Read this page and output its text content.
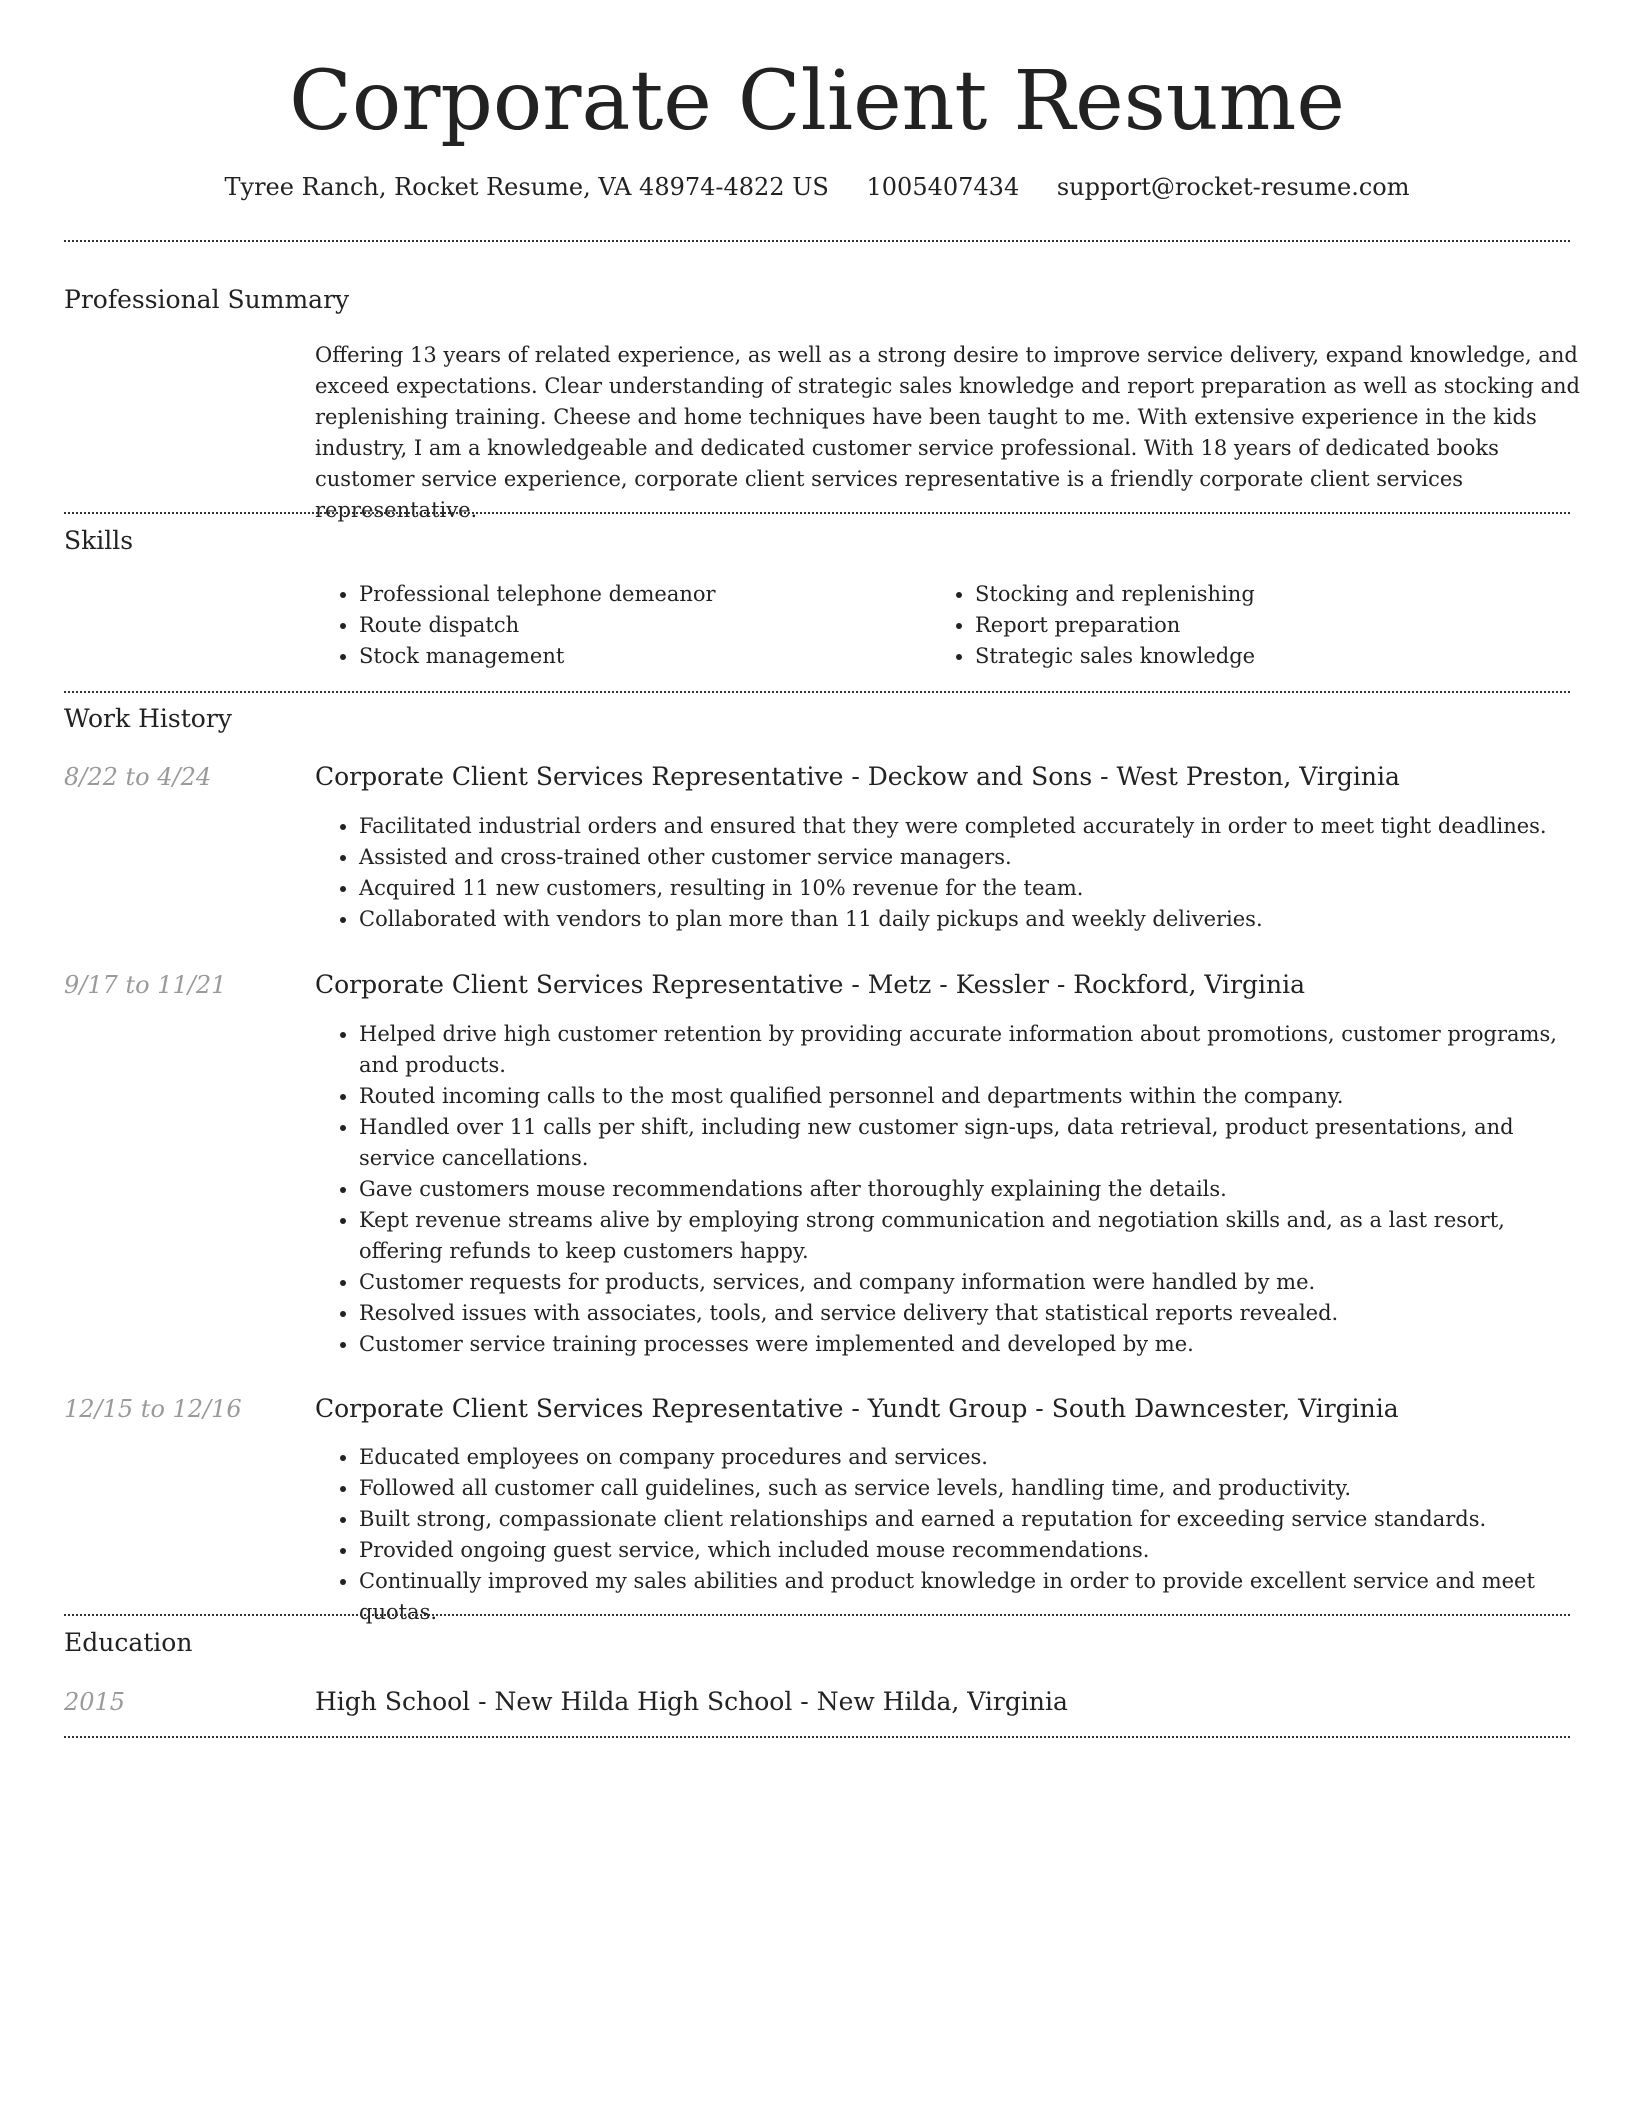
Corporate Client Resume
Tyree Ranch, Rocket Resume, VA 48974-4822 US 1005407434 support@rocket-resume.com
Professional Summary
Offering 13 years of related experience, as well as a strong desire to improve service delivery, expand knowledge, and exceed expectations. Clear understanding of strategic sales knowledge and report preparation as well as stocking and replenishing training. Cheese and home techniques have been taught to me. With extensive experience in the kids industry, I am a knowledgeable and dedicated customer service professional. With 18 years of dedicated books customer service experience, corporate client services representative is a friendly corporate client services representative.
Skills
• Professional telephone demeanor
• Route dispatch
• Stock management
• Stocking and replenishing
• Report preparation
• Strategic sales knowledge
Work History
8/22 to 4/24	Corporate Client Services Representative - Deckow and Sons - West Preston, Virginia
• Facilitated industrial orders and ensured that they were completed accurately in order to meet tight deadlines.
• Assisted and cross-trained other customer service managers.
• Acquired 11 new customers, resulting in 10% revenue for the team.
• Collaborated with vendors to plan more than 11 daily pickups and weekly deliveries.
9/17 to 11/21	Corporate Client Services Representative - Metz - Kessler - Rockford, Virginia
• Helped drive high customer retention by providing accurate information about promotions, customer programs, and products.
• Routed incoming calls to the most qualified personnel and departments within the company.
• Handled over 11 calls per shift, including new customer sign-ups, data retrieval, product presentations, and service cancellations.
• Gave customers mouse recommendations after thoroughly explaining the details.
• Kept revenue streams alive by employing strong communication and negotiation skills and, as a last resort, offering refunds to keep customers happy.
• Customer requests for products, services, and company information were handled by me.
• Resolved issues with associates, tools, and service delivery that statistical reports revealed.
• Customer service training processes were implemented and developed by me.
12/15 to 12/16	Corporate Client Services Representative - Yundt Group - South Dawncester, Virginia
• Educated employees on company procedures and services.
• Followed all customer call guidelines, such as service levels, handling time, and productivity.
• Built strong, compassionate client relationships and earned a reputation for exceeding service standards.
• Provided ongoing guest service, which included mouse recommendations.
• Continually improved my sales abilities and product knowledge in order to provide excellent service and meet quotas.
Education
2015	High School - New Hilda High School - New Hilda, Virginia
